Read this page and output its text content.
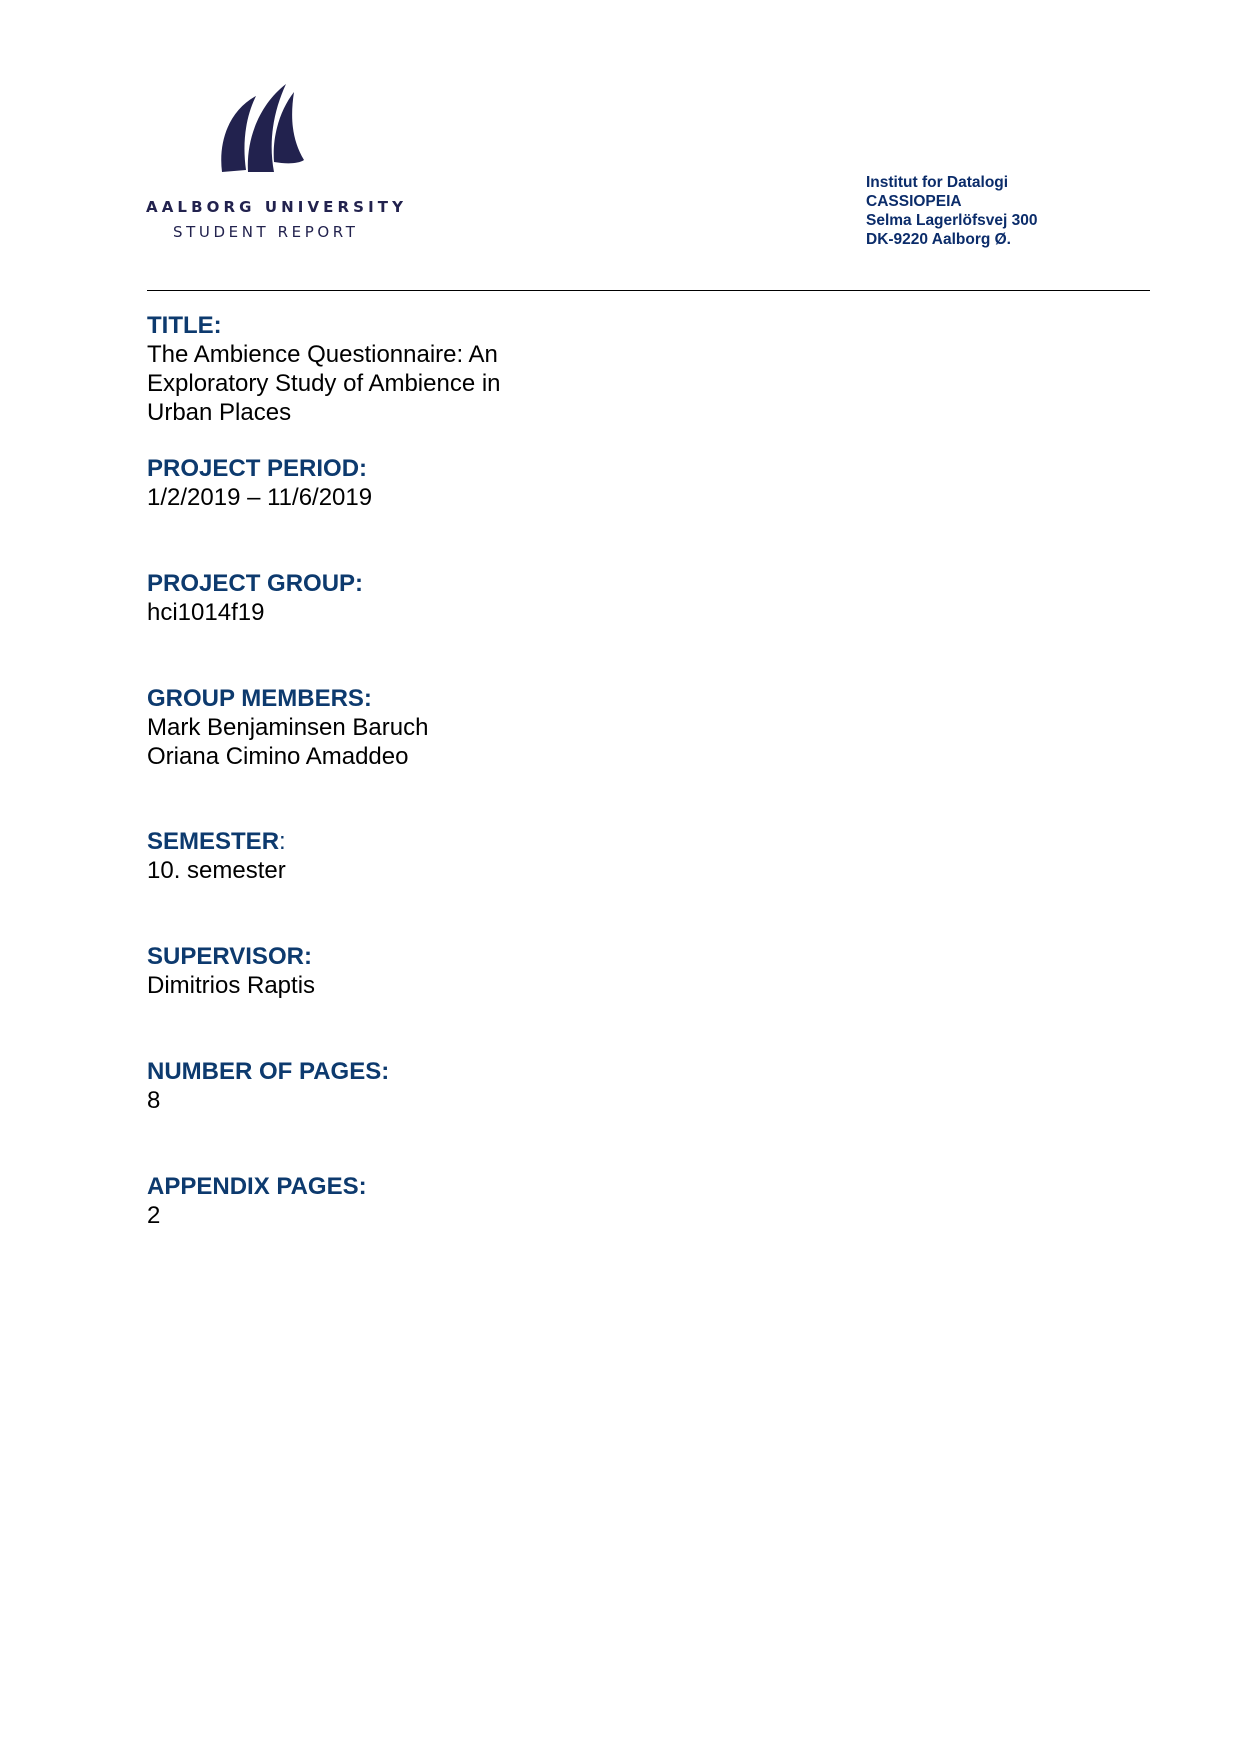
AALBORG UNIVERSITY
STUDENT REPORT
Institut for Datalogi
CASSIOPEIA
Selma Lagerlöfsvej 300
DK-9220 Aalborg Ø.
TITLE:
The Ambience Questionnaire: An
Exploratory Study of Ambience in
Urban Places
PROJECT PERIOD:
1/2/2019 – 11/6/2019
PROJECT GROUP:
hci1014f19
GROUP MEMBERS:
Mark Benjaminsen Baruch
Oriana Cimino Amaddeo
SEMESTER:
10. semester
SUPERVISOR:
Dimitrios Raptis
NUMBER OF PAGES:
8
APPENDIX PAGES:
2
